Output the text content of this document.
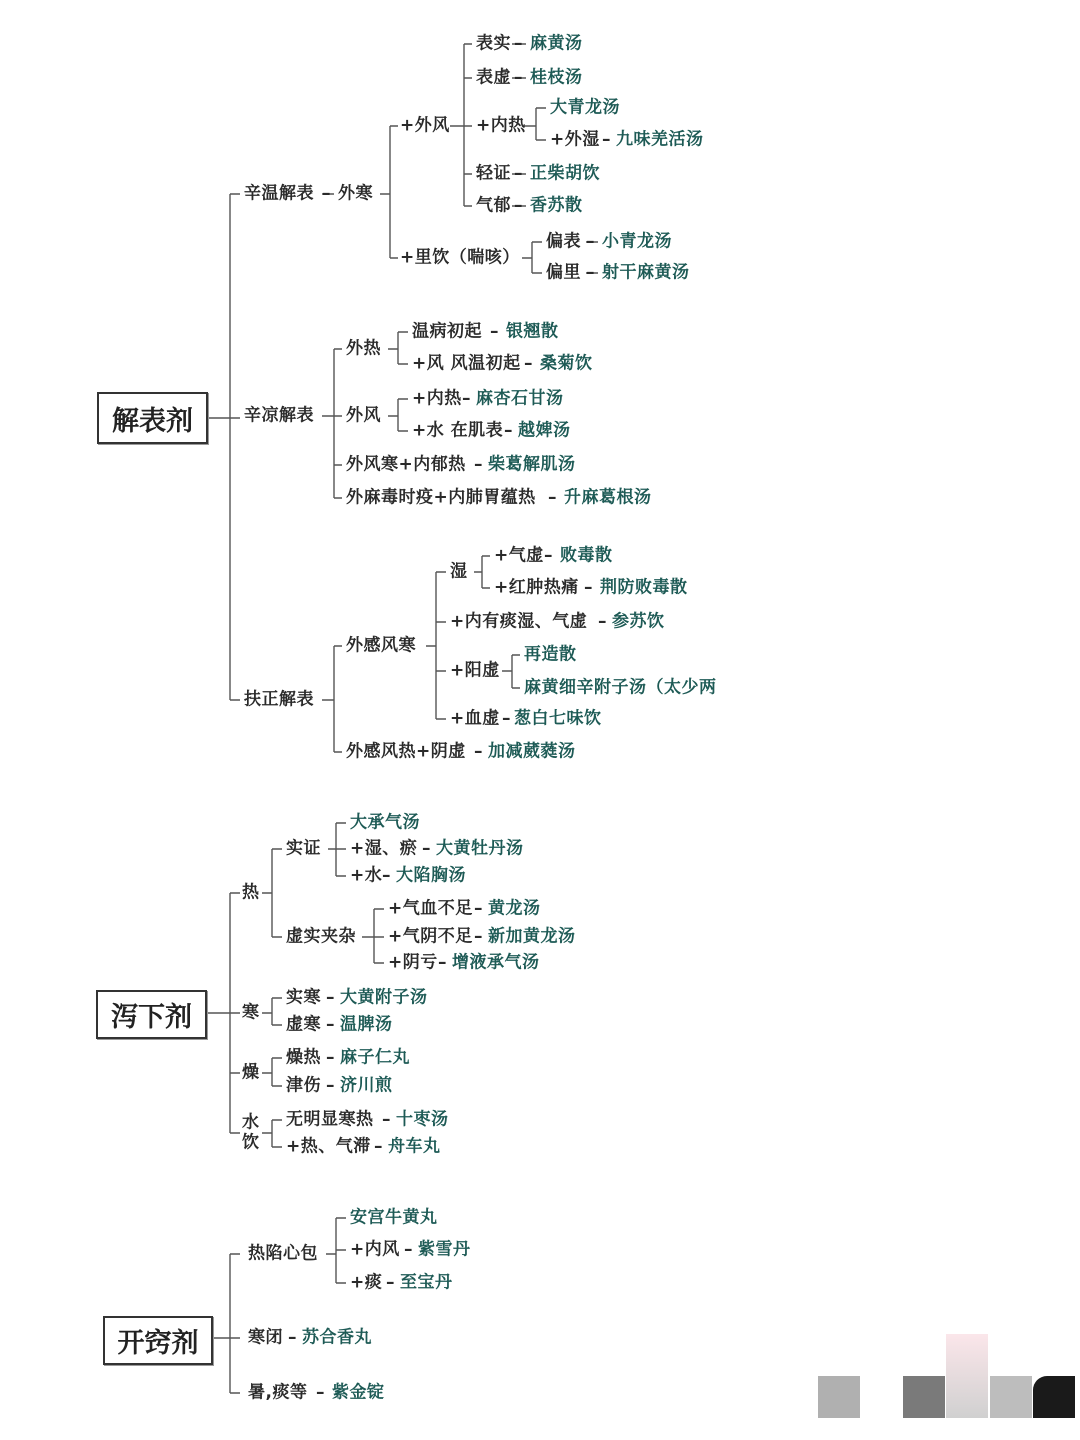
解表剂
泻下剂
开窍剂
辛温解表 – 外寒
+外风
表实 – 麻黄汤
表虚 – 桂枝汤
+内热
大青龙汤
+外湿 – 九味羌活汤
轻证 – 正柴胡饮
气郁 – 香苏散
+里饮（喘咳）
偏表 – 小青龙汤
偏里 – 射干麻黄汤
辛凉解表
外热
温病初起 – 银翘散
+风 风温初起 – 桑菊饮
外风
+内热 – 麻杏石甘汤
+水 在肌表 – 越婢汤
外风寒+内郁热 – 柴葛解肌汤
外麻毒时疫+内肺胃蕴热 – 升麻葛根汤
扶正解表
外感风寒
湿
+气虚 – 败毒散
+红肿热痛 – 荆防败毒散
+内有痰湿、气虚 – 参苏饮
+阳虚
再造散
麻黄细辛附子汤（太少两
+血虚 – 葱白七味饮
外感风热+阴虚 – 加减葳蕤汤
热
实证
大承气汤
+湿、瘀 – 大黄牡丹汤
+水 – 大陷胸汤
虚实夹杂
+气血不足 – 黄龙汤
+气阴不足 – 新加黄龙汤
+阴亏 – 增液承气汤
寒
实寒 – 大黄附子汤
虚寒 – 温脾汤
燥
燥热 – 麻子仁丸
津伤 – 济川煎
水饮
无明显寒热 – 十枣汤
+热、气滞 – 舟车丸
热陷心包
安宫牛黄丸
+内风 – 紫雪丹
+痰 – 至宝丹
寒闭 – 苏合香丸
暑,痰等 – 紫金锭
